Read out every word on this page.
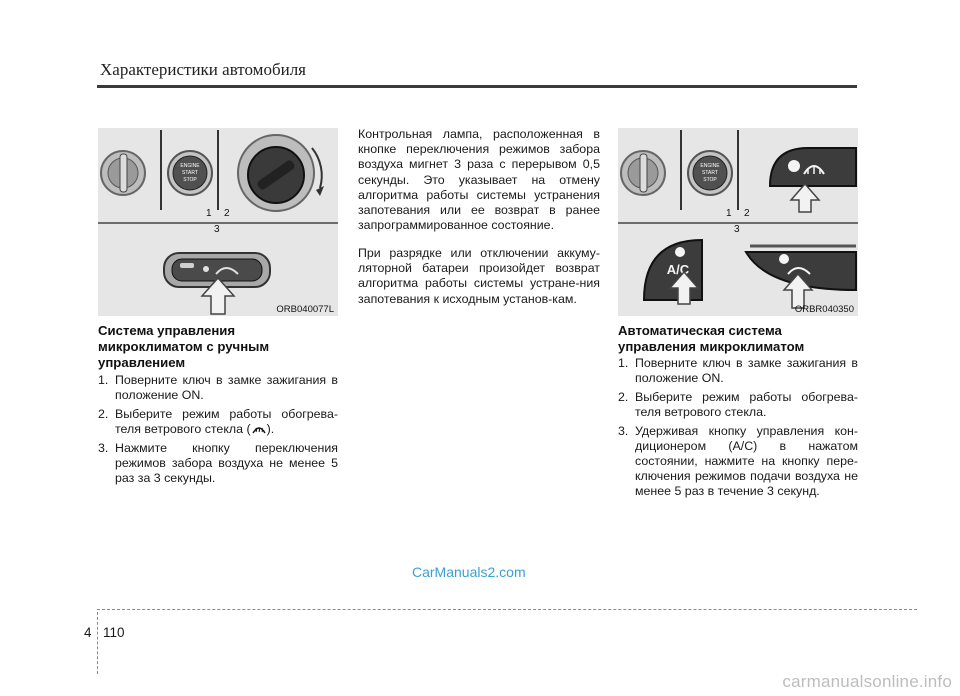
Характеристики автомобиля
ENGINE
START
STOP
1 2
3
ORB040077L
Система управления микроклиматом с ручным управлением
1. Поверните ключ в замке зажигания в положение ON.
2. Выберите режим работы обогрева-теля ветрового стекла ( ).
3. Нажмите кнопку переключения режимов забора воздуха не менее 5 раз за 3 секунды.

Контрольная лампа, расположенная в кнопке переключения режимов забора воздуха мигнет 3 раза с перерывом 0,5 секунды. Это указывает на отмену алгоритма работы системы устранения запотевания или ее возврат в ранее запрограммированное состояние.

При разрядке или отключении аккуму-ляторной батареи произойдет возврат алгоритма работы системы устране-ния запотевания к исходным установ-кам.

ENGINE
START
STOP
1 2
3
A/C
ORBR040350
Автоматическая система управления микроклиматом
1. Поверните ключ в замке зажигания в положение ON.
2. Выберите режим работы обогрева-теля ветрового стекла.
3. Удерживая кнопку управления кон-диционером (A/C) в нажатом состоянии, нажмите на кнопку пере-ключения режимов подачи воздуха не менее 5 раз в течение 3 секунд.
CarManuals2.com
4 110
carmanualsonline.info
